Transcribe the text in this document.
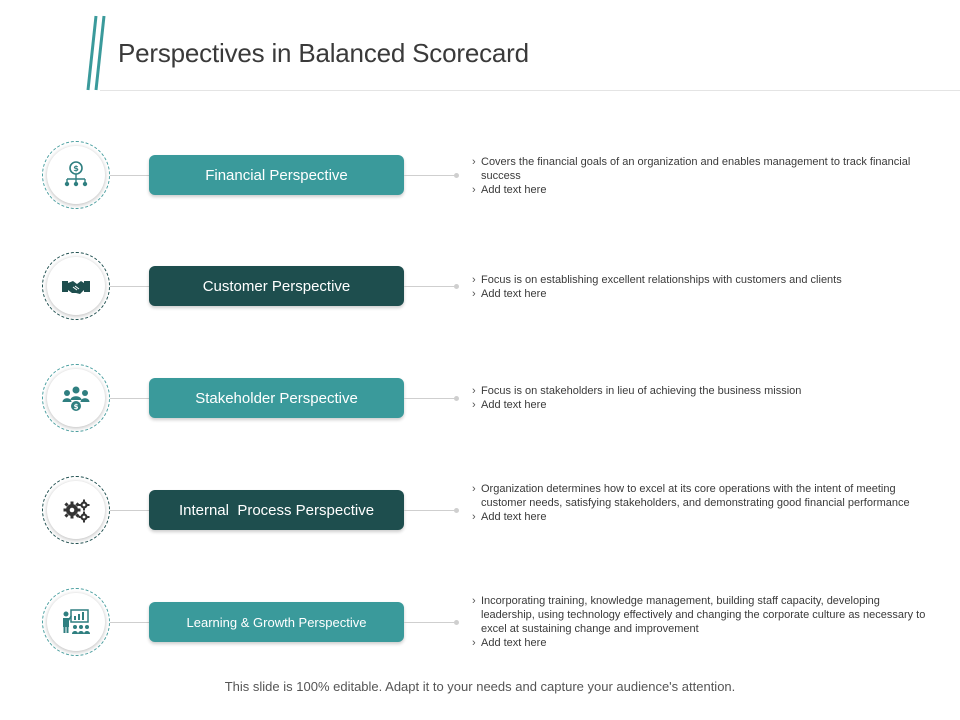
Perspectives in Balanced Scorecard
$	Financial Perspective
› Covers the financial goals of an organization and enables management to track financial success
› Add text here
Customer Perspective	› Focus is on establishing excellent relationships with customers and clients
› Add text here
$
Stakeholder Perspective	› Focus is on stakeholders in lieu of achieving the business mission
› Add text here
Internal  Process Perspective
› Organization determines how to excel at its core operations with the intent of meeting customer needs, satisfying stakeholders, and demonstrating good financial performance
› Add text here
Learning & Growth Perspective
› Incorporating training, knowledge management, building staff capacity, developing leadership, using technology effectively and changing the corporate culture as necessary to excel at sustaining change and improvement
› Add text here
This slide is 100% editable. Adapt it to your needs and capture your audience's attention.
